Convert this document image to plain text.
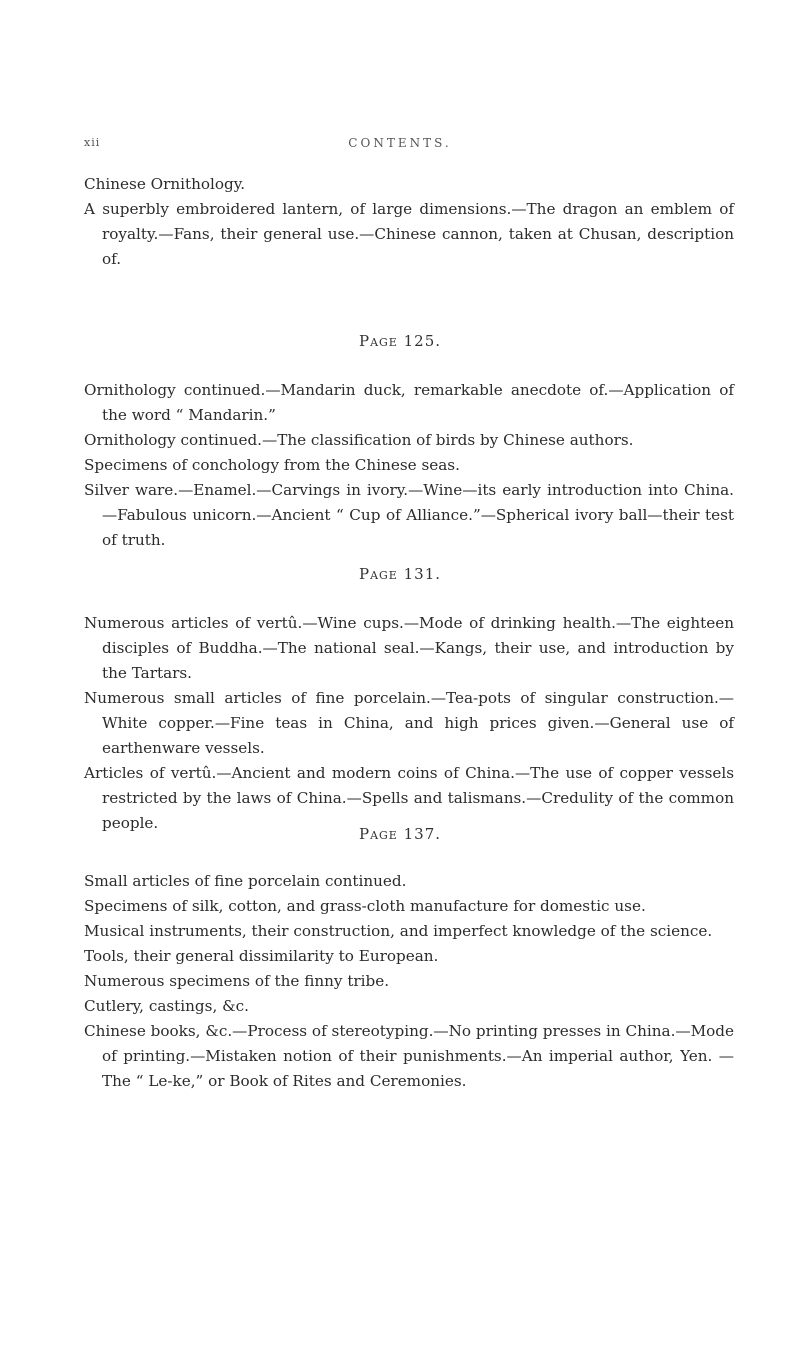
xii	CONTENTS.

Chinese Ornithology.

A superbly embroidered lantern, of large dimensions.—The dragon an emblem of royalty.—Fans, their general use.—Chinese cannon, taken at Chusan, description of.

Page 125.

Ornithology continued.—Mandarin duck, remarkable anecdote of.—Application of the word “ Mandarin.”

Ornithology continued.—The classification of birds by Chinese authors.

Specimens of conchology from the Chinese seas.

Silver ware.—Enamel.—Carvings in ivory.—Wine—its early introduction into China. —Fabulous unicorn.—Ancient “ Cup of Alliance.”—Spherical ivory ball—their test of truth.

Page 131.

Numerous articles of vertû.—Wine cups.—Mode of drinking health.—The eighteen disciples of Buddha.—The national seal.—Kangs, their use, and introduction by the Tartars.

Numerous small articles of fine porcelain.—Tea-pots of singular construction.— White copper.—Fine teas in China, and high prices given.—General use of earthenware vessels.

Articles of vertû.—Ancient and modern coins of China.—The use of copper vessels restricted by the laws of China.—Spells and talismans.—Credulity of the common people.

Page 137.

Small articles of fine porcelain continued.

Specimens of silk, cotton, and grass-cloth manufacture for domestic use.

Musical instruments, their construction, and imperfect knowledge of the science.

Tools, their general dissimilarity to European.

Numerous specimens of the finny tribe.

Cutlery, castings, &c.

Chinese books, &c.—Process of stereotyping.—No printing presses in China.—Mode of printing.—Mistaken notion of their punishments.—An imperial author, Yen. —The “ Le-ke,” or Book of Rites and Ceremonies.
